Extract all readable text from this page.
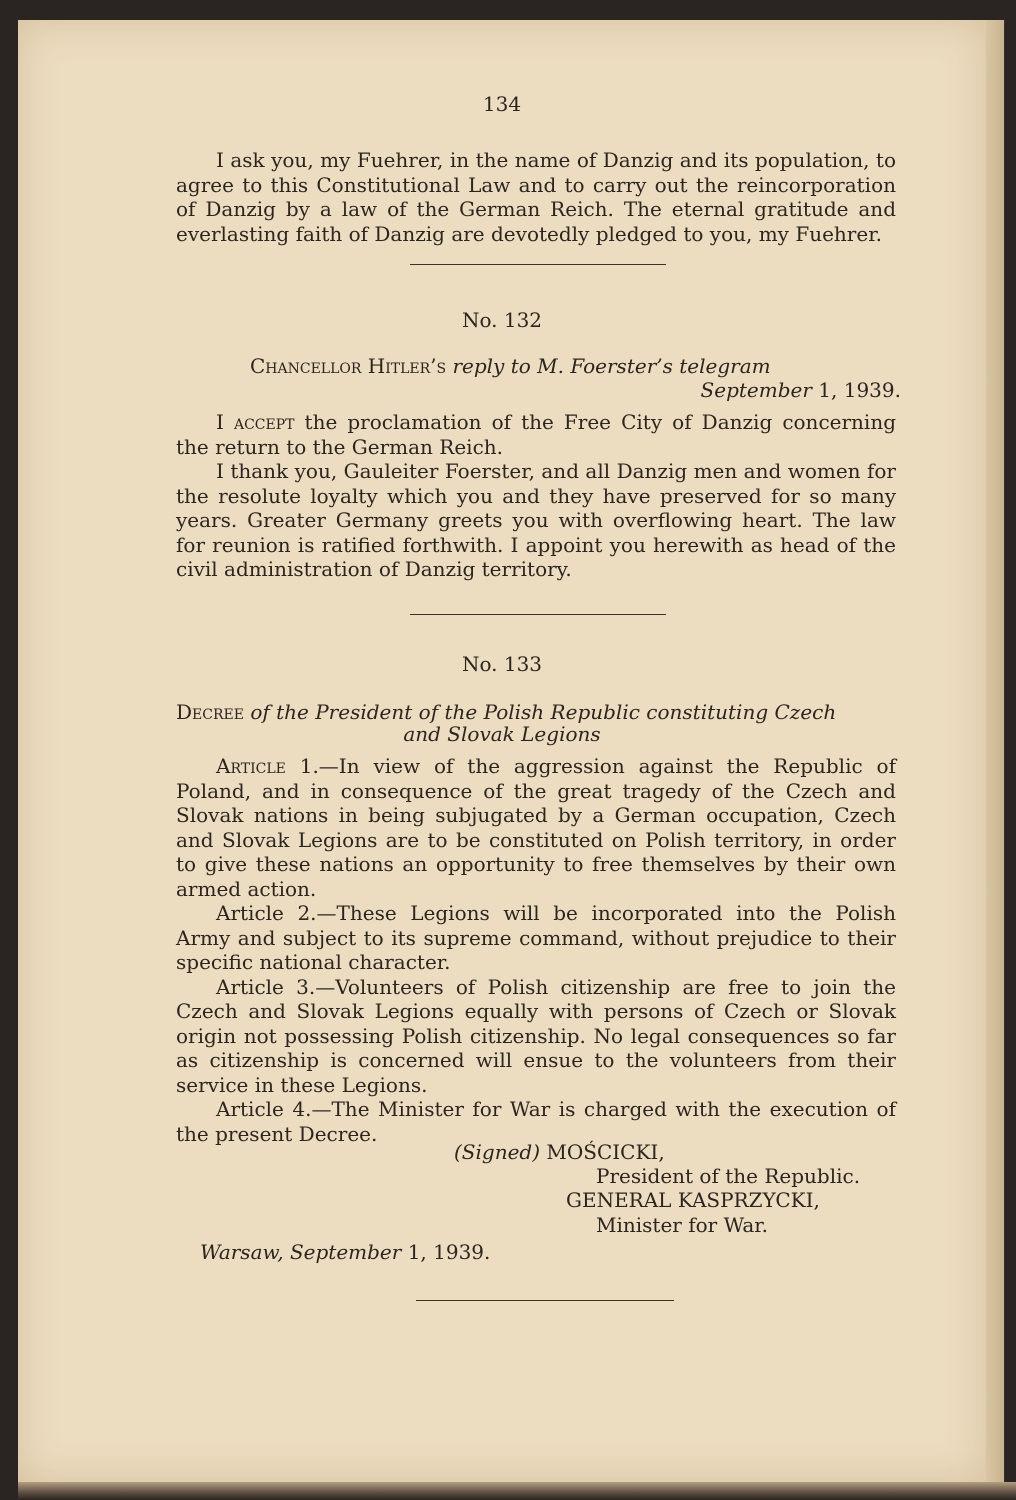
134

I ask you, my Fuehrer, in the name of Danzig and its population, to agree to this Constitutional Law and to carry out the reincorporation of Danzig by a law of the German Reich. The eternal gratitude and everlasting faith of Danzig are devotedly pledged to you, my Fuehrer.

No. 132

Chancellor Hitler’s reply to M. Foerster’s telegram

September 1, 1939.

I accept the proclamation of the Free City of Danzig concerning the return to the German Reich.

I thank you, Gauleiter Foerster, and all Danzig men and women for the resolute loyalty which you and they have preserved for so many years. Greater Germany greets you with overflowing heart. The law for reunion is ratified forthwith. I appoint you herewith as head of the civil administration of Danzig territory.

No. 133

Decree of the President of the Polish Republic constituting Czech

and Slovak Legions

Article 1.—In view of the aggression against the Republic of Poland, and in consequence of the great tragedy of the Czech and Slovak nations in being subjugated by a German occupation, Czech and Slovak Legions are to be constituted on Polish territory, in order to give these nations an opportunity to free themselves by their own armed action.

Article 2.—These Legions will be incorporated into the Polish Army and subject to its supreme command, without prejudice to their specific national character.

Article 3.—Volunteers of Polish citizenship are free to join the Czech and Slovak Legions equally with persons of Czech or Slovak origin not possessing Polish citizenship. No legal consequences so far as citizenship is concerned will ensue to the volunteers from their service in these Legions.

Article 4.—The Minister for War is charged with the execution of the present Decree.

(Signed) MOŚCICKI,

President of the Republic.

GENERAL KASPRZYCKI,

Minister for War.

Warsaw, September 1, 1939.
